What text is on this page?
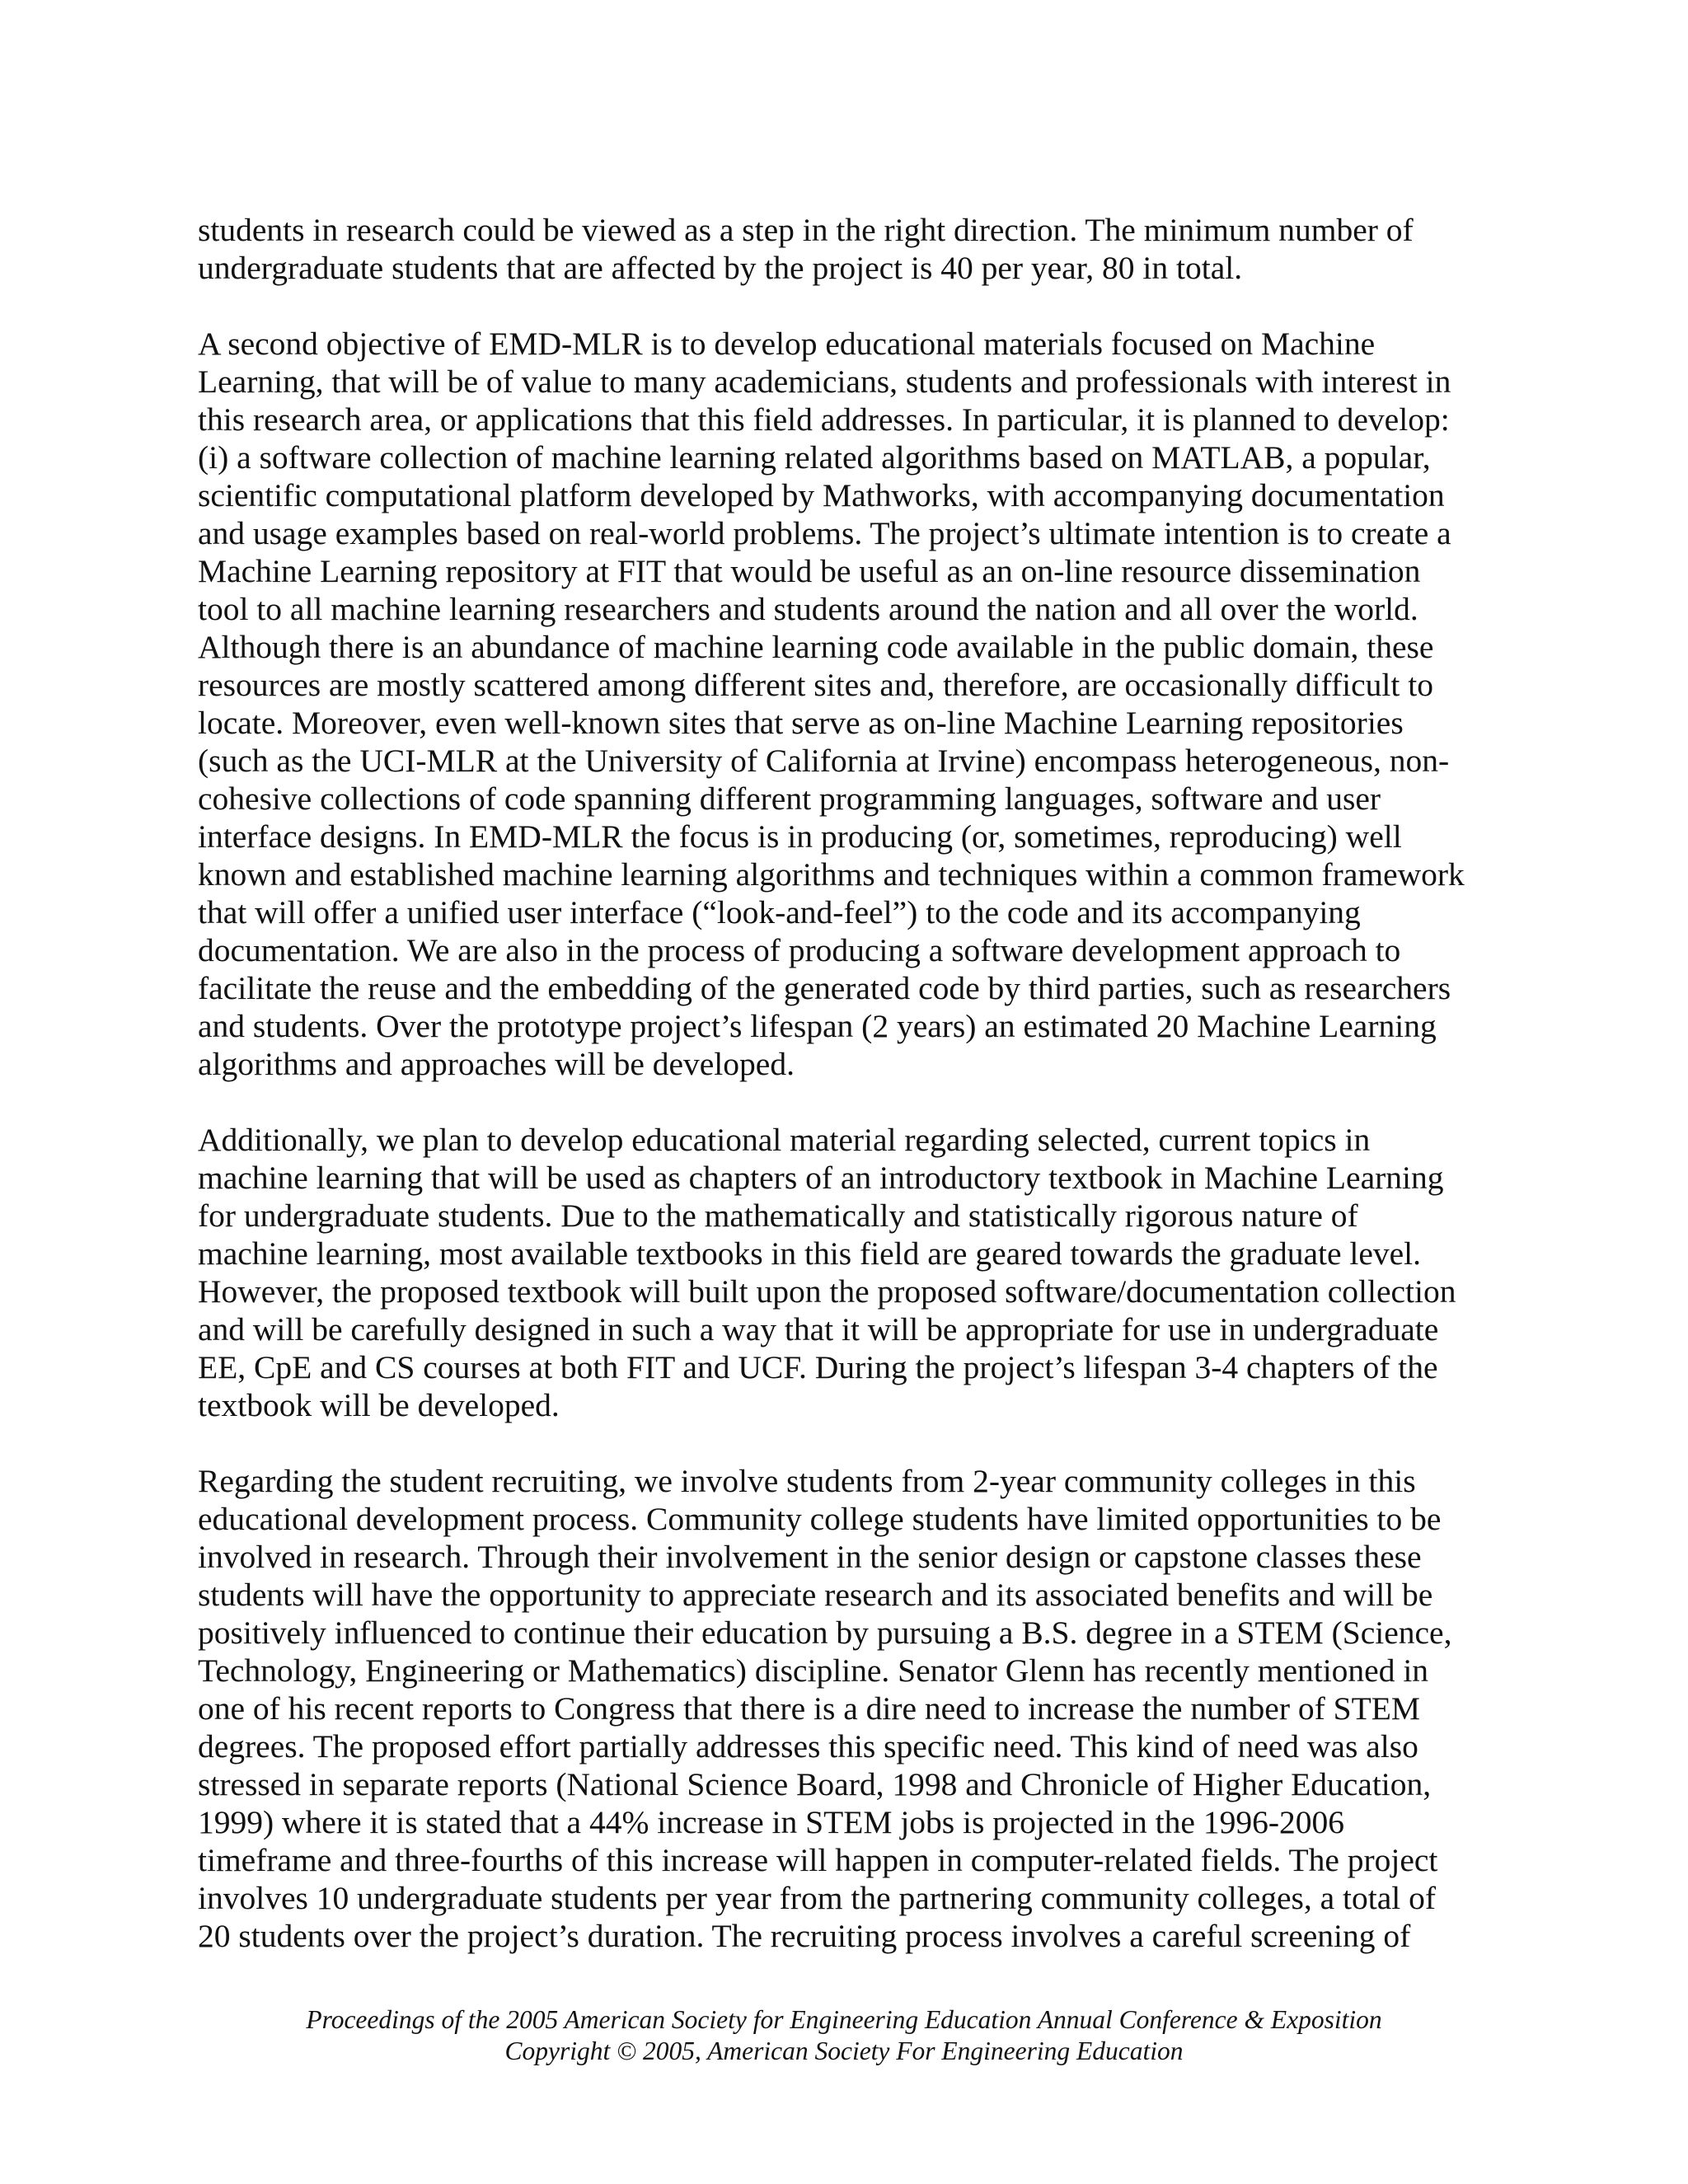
students in research could be viewed as a step in the right direction. The minimum number of
undergraduate students that are affected by the project is 40 per year, 80 in total.

A second objective of EMD-MLR is to develop educational materials focused on Machine
Learning, that will be of value to many academicians, students and professionals with interest in
this research area, or applications that this field addresses. In particular, it is planned to develop:
(i) a software collection of machine learning related algorithms based on MATLAB, a popular,
scientific computational platform developed by Mathworks, with accompanying documentation
and usage examples based on real-world problems. The project’s ultimate intention is to create a
Machine Learning repository at FIT that would be useful as an on-line resource dissemination
tool to all machine learning researchers and students around the nation and all over the world.
Although there is an abundance of machine learning code available in the public domain, these
resources are mostly scattered among different sites and, therefore, are occasionally difficult to
locate. Moreover, even well-known sites that serve as on-line Machine Learning repositories
(such as the UCI-MLR at the University of California at Irvine) encompass heterogeneous, non-
cohesive collections of code spanning different programming languages, software and user
interface designs. In EMD-MLR the focus is in producing (or, sometimes, reproducing) well
known and established machine learning algorithms and techniques within a common framework
that will offer a unified user interface (“look-and-feel”) to the code and its accompanying
documentation. We are also in the process of producing a software development approach to
facilitate the reuse and the embedding of the generated code by third parties, such as researchers
and students. Over the prototype project’s lifespan (2 years) an estimated 20 Machine Learning
algorithms and approaches will be developed.

Additionally, we plan to develop educational material regarding selected, current topics in
machine learning that will be used as chapters of an introductory textbook in Machine Learning
for undergraduate students. Due to the mathematically and statistically rigorous nature of
machine learning, most available textbooks in this field are geared towards the graduate level.
However, the proposed textbook will built upon the proposed software/documentation collection
and will be carefully designed in such a way that it will be appropriate for use in undergraduate
EE, CpE and CS courses at both FIT and UCF. During the project’s lifespan 3-4 chapters of the
textbook will be developed.

Regarding the student recruiting, we involve students from 2-year community colleges in this
educational development process. Community college students have limited opportunities to be
involved in research. Through their involvement in the senior design or capstone classes these
students will have the opportunity to appreciate research and its associated benefits and will be
positively influenced to continue their education by pursuing a B.S. degree in a STEM (Science,
Technology, Engineering or Mathematics) discipline. Senator Glenn has recently mentioned in
one of his recent reports to Congress that there is a dire need to increase the number of STEM
degrees. The proposed effort partially addresses this specific need. This kind of need was also
stressed in separate reports (National Science Board, 1998 and Chronicle of Higher Education,
1999) where it is stated that a 44% increase in STEM jobs is projected in the 1996-2006
timeframe and three-fourths of this increase will happen in computer-related fields. The project
involves 10 undergraduate students per year from the partnering community colleges, a total of
20 students over the project’s duration. The recruiting process involves a careful screening of

Proceedings of the 2005 American Society for Engineering Education Annual Conference & Exposition
Copyright © 2005, American Society For Engineering Education
